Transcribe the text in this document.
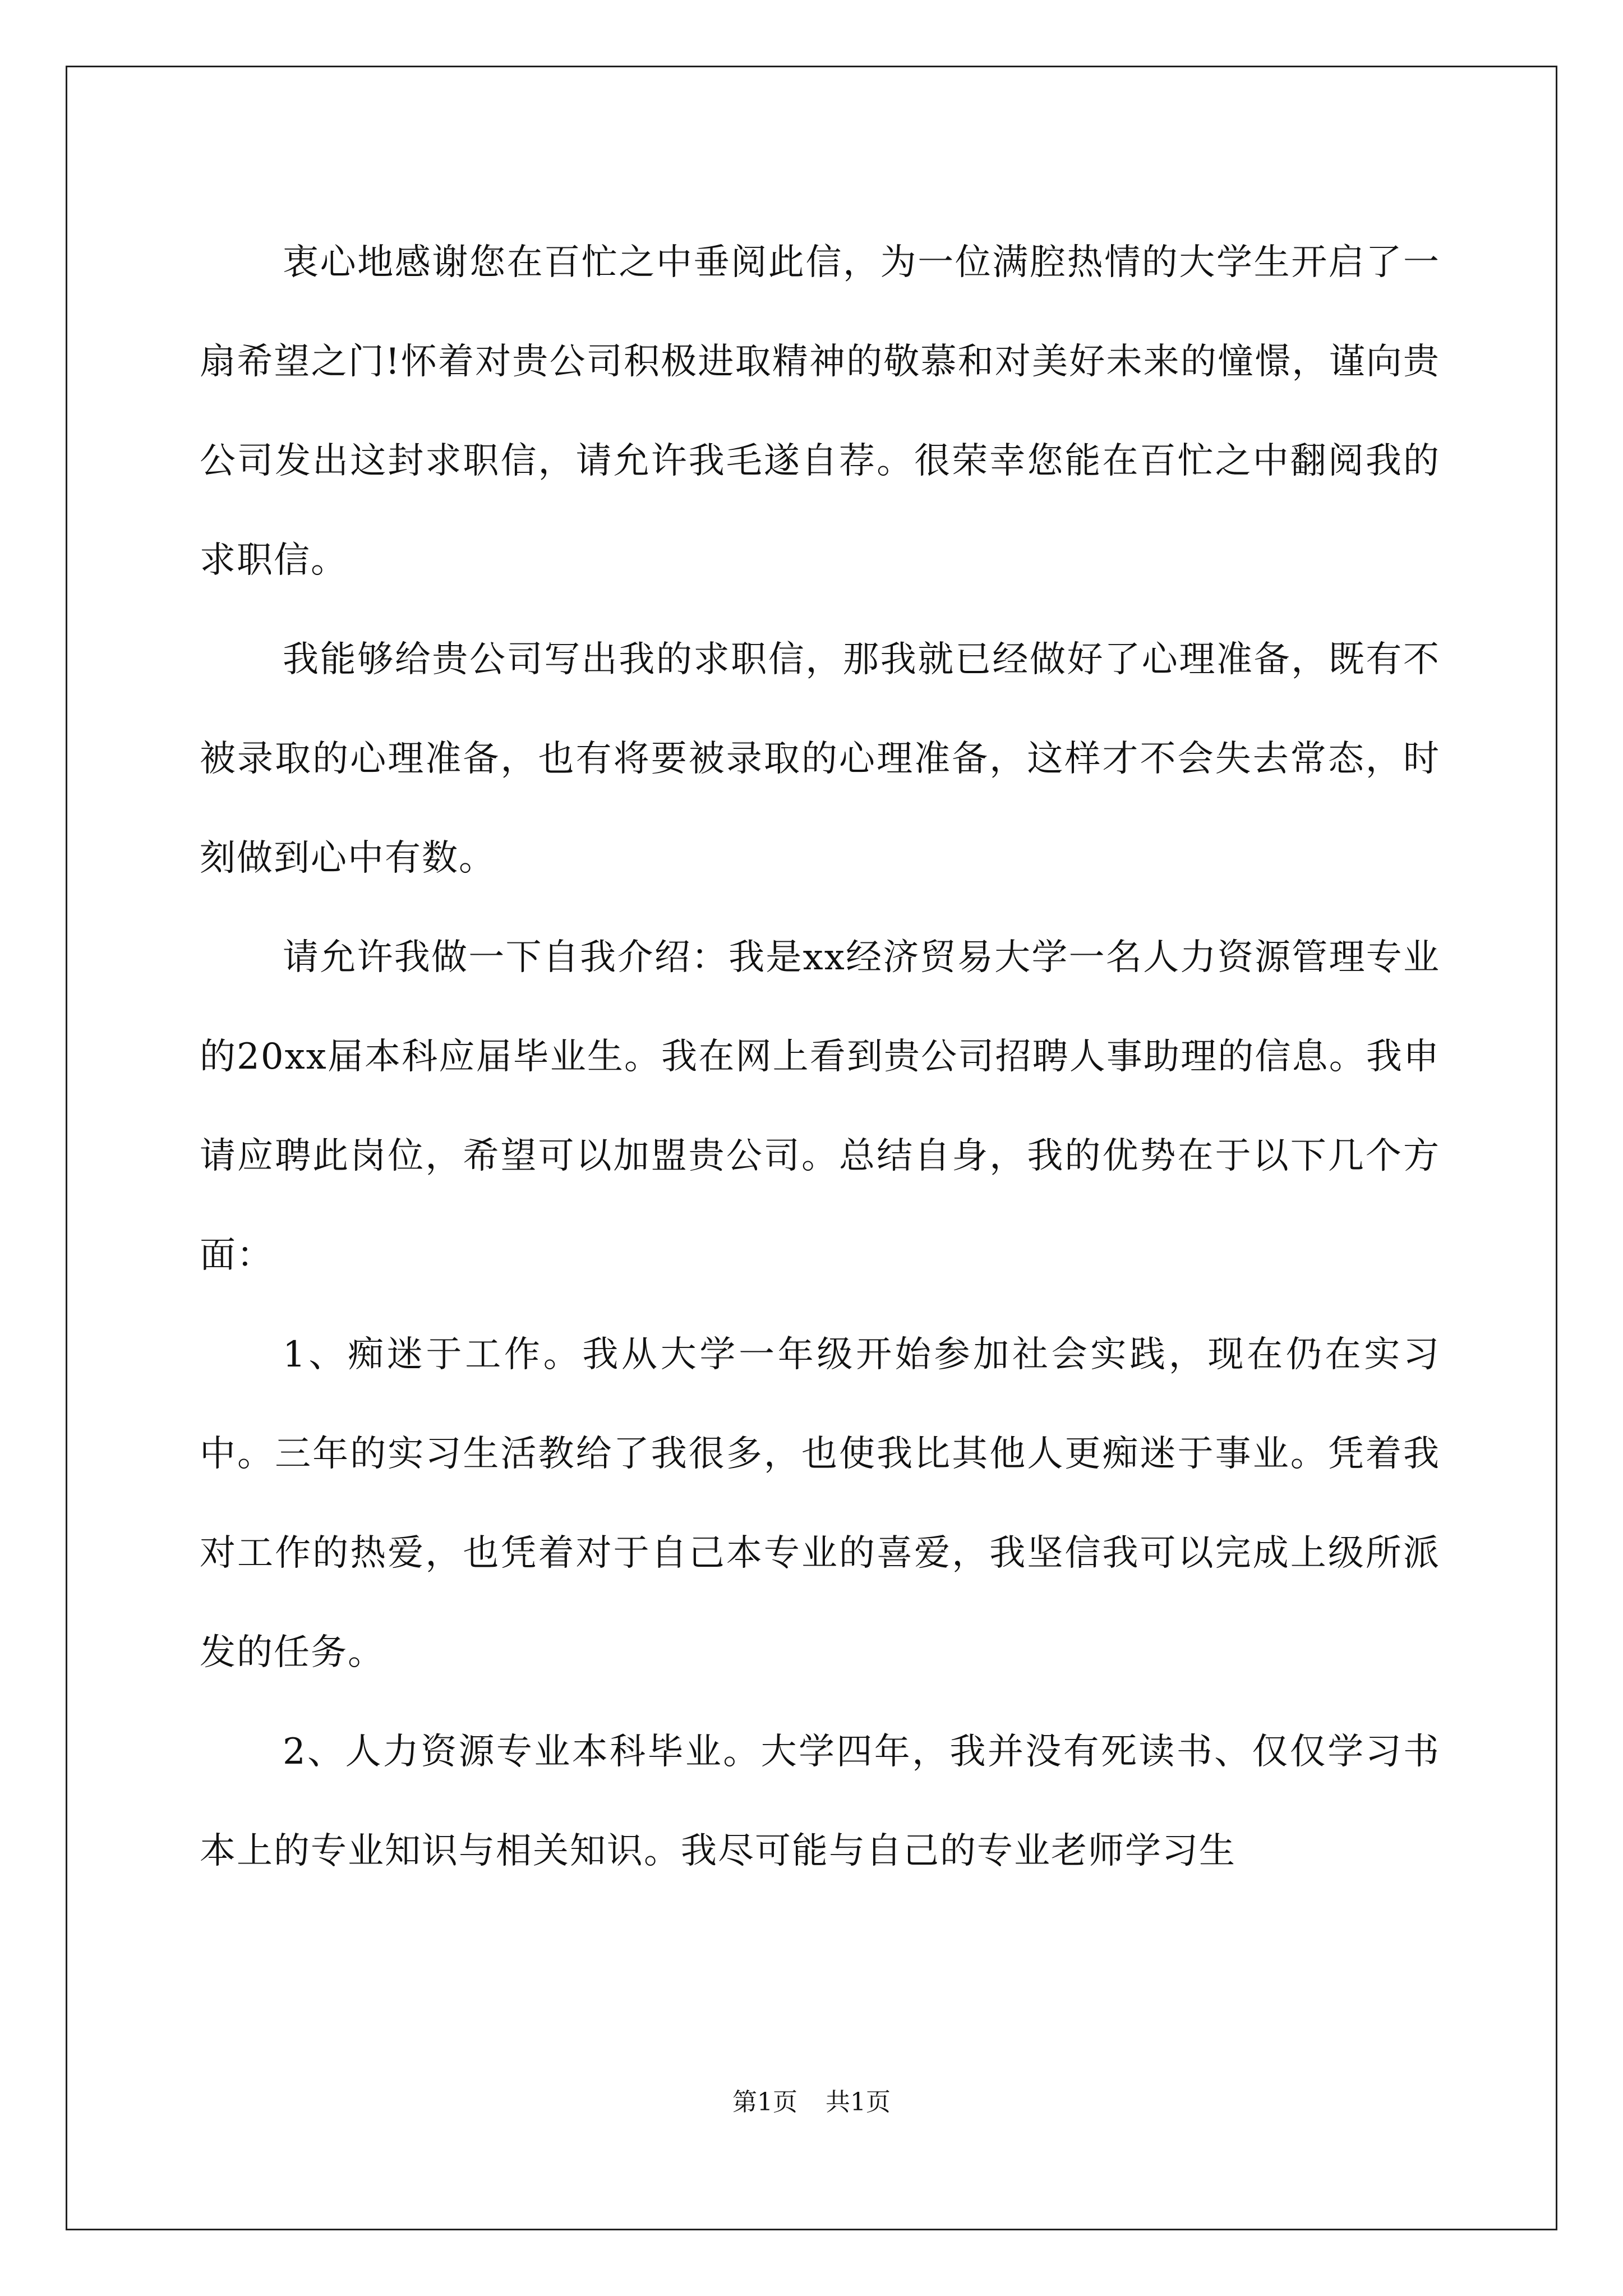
衷心地感谢您在百忙之中垂阅此信，为一位满腔热情的大学生开启了一扇希望之门!怀着对贵公司积极进取精神的敬慕和对美好未来的憧憬，谨向贵公司发出这封求职信，请允许我毛遂自荐。很荣幸您能在百忙之中翻阅我的求职信。

我能够给贵公司写出我的求职信，那我就已经做好了心理准备，既有不被录取的心理准备，也有将要被录取的心理准备，这样才不会失去常态，时刻做到心中有数。

请允许我做一下自我介绍：我是xx经济贸易大学一名人力资源管理专业的20xx届本科应届毕业生。我在网上看到贵公司招聘人事助理的信息。我申请应聘此岗位，希望可以加盟贵公司。总结自身，我的优势在于以下几个方面：

1、痴迷于工作。我从大学一年级开始参加社会实践，现在仍在实习中。三年的实习生活教给了我很多，也使我比其他人更痴迷于事业。凭着我对工作的热爱，也凭着对于自己本专业的喜爱，我坚信我可以完成上级所派发的任务。

2、人力资源专业本科毕业。大学四年，我并没有死读书、仅仅学习书本上的专业知识与相关知识。我尽可能与自己的专业老师学习生

第1页 共1页
